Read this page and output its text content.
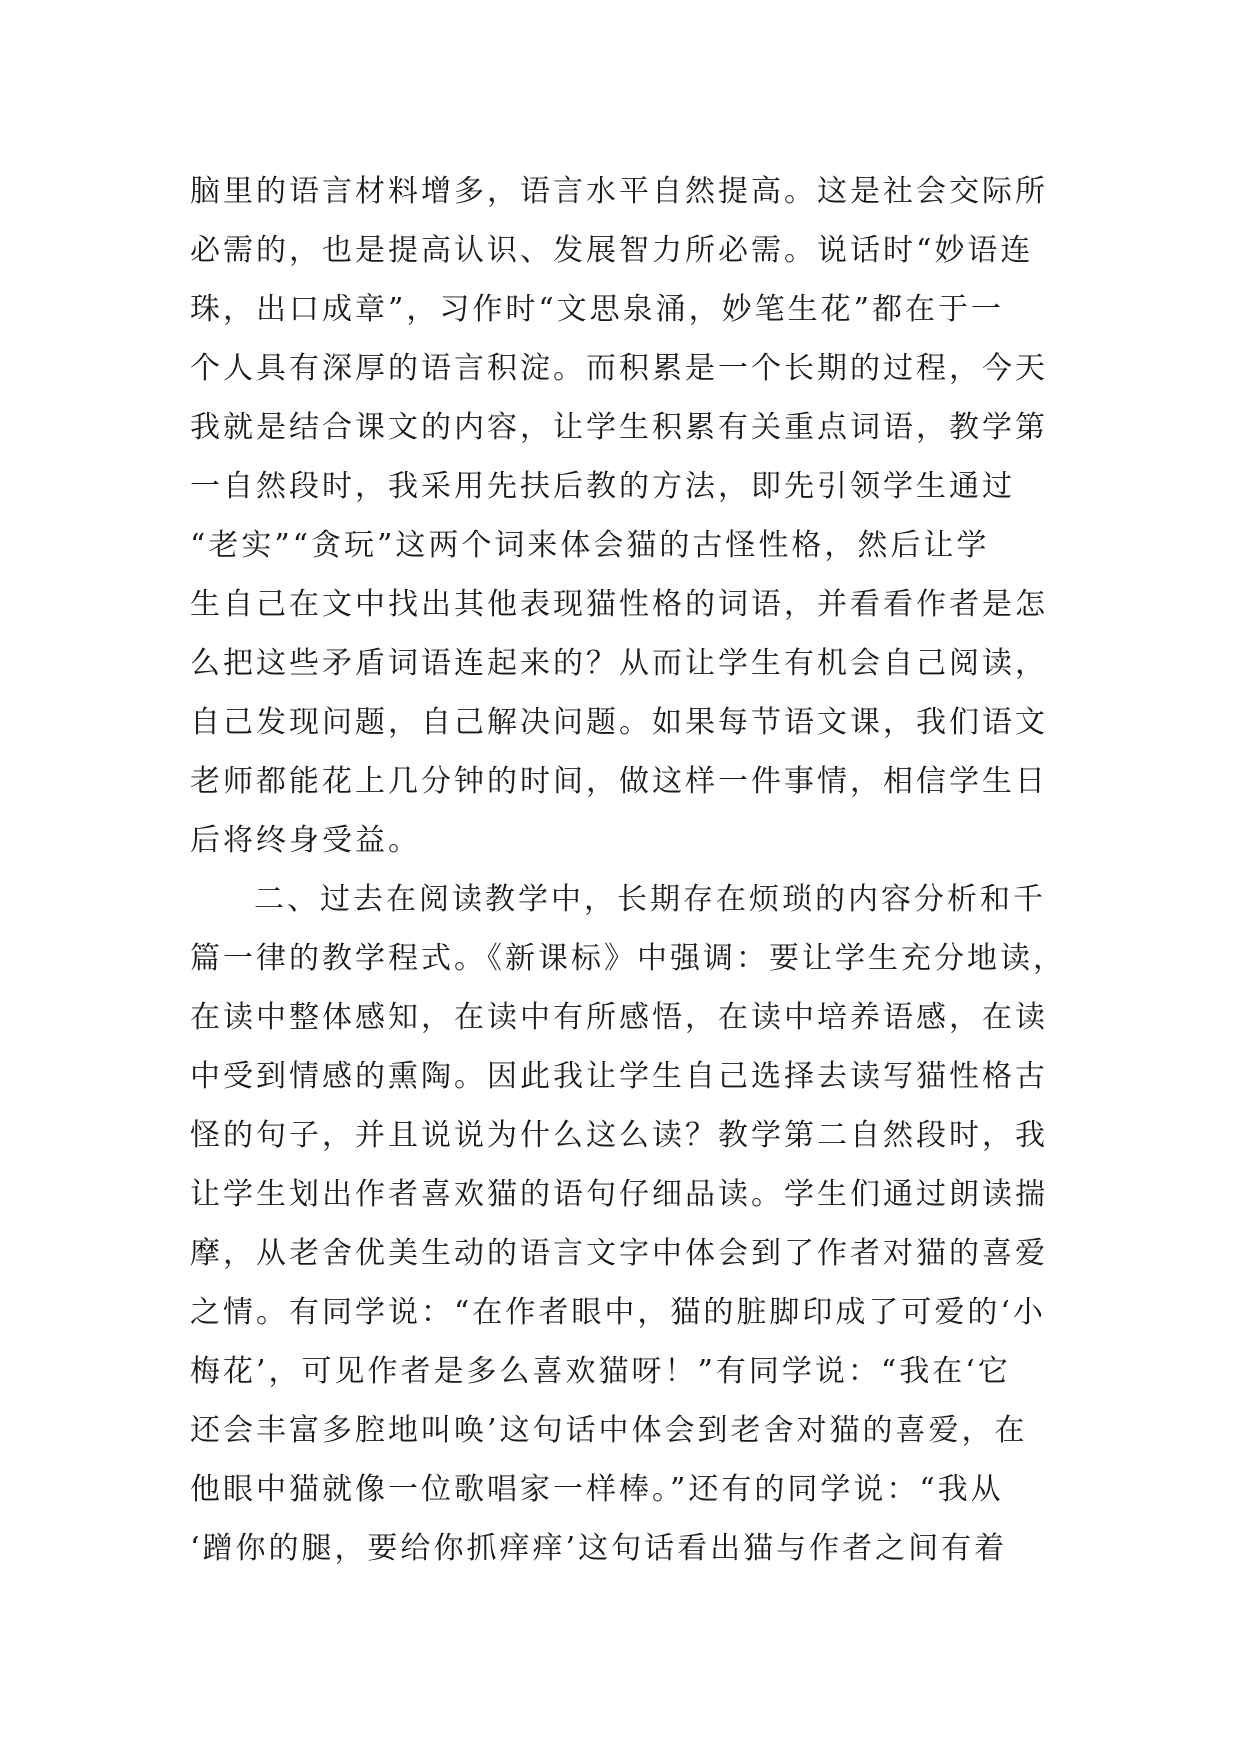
脑里的语言材料增多，语言水平自然提高。这是社会交际所
必需的，也是提高认识、发展智力所必需。说话时“妙语连
珠，出口成章”，习作时“文思泉涌，妙笔生花”都在于一
个人具有深厚的语言积淀。而积累是一个长期的过程，今天
我就是结合课文的内容，让学生积累有关重点词语，教学第
一自然段时，我采用先扶后教的方法，即先引领学生通过
“老实”“贪玩”这两个词来体会猫的古怪性格，然后让学
生自己在文中找出其他表现猫性格的词语，并看看作者是怎
么把这些矛盾词语连起来的？从而让学生有机会自己阅读，
自己发现问题，自己解决问题。如果每节语文课，我们语文
老师都能花上几分钟的时间，做这样一件事情，相信学生日
后将终身受益。
二、过去在阅读教学中，长期存在烦琐的内容分析和千
篇一律的教学程式。《新课标》中强调：要让学生充分地读，
在读中整体感知，在读中有所感悟，在读中培养语感，在读
中受到情感的熏陶。因此我让学生自己选择去读写猫性格古
怪的句子，并且说说为什么这么读？教学第二自然段时，我
让学生划出作者喜欢猫的语句仔细品读。学生们通过朗读揣
摩，从老舍优美生动的语言文字中体会到了作者对猫的喜爱
之情。有同学说：“在作者眼中，猫的脏脚印成了可爱的‘小
梅花’，可见作者是多么喜欢猫呀！”有同学说：“我在‘它
还会丰富多腔地叫唤’这句话中体会到老舍对猫的喜爱，在
他眼中猫就像一位歌唱家一样棒。”还有的同学说：“我从
‘蹭你的腿，要给你抓痒痒’这句话看出猫与作者之间有着
